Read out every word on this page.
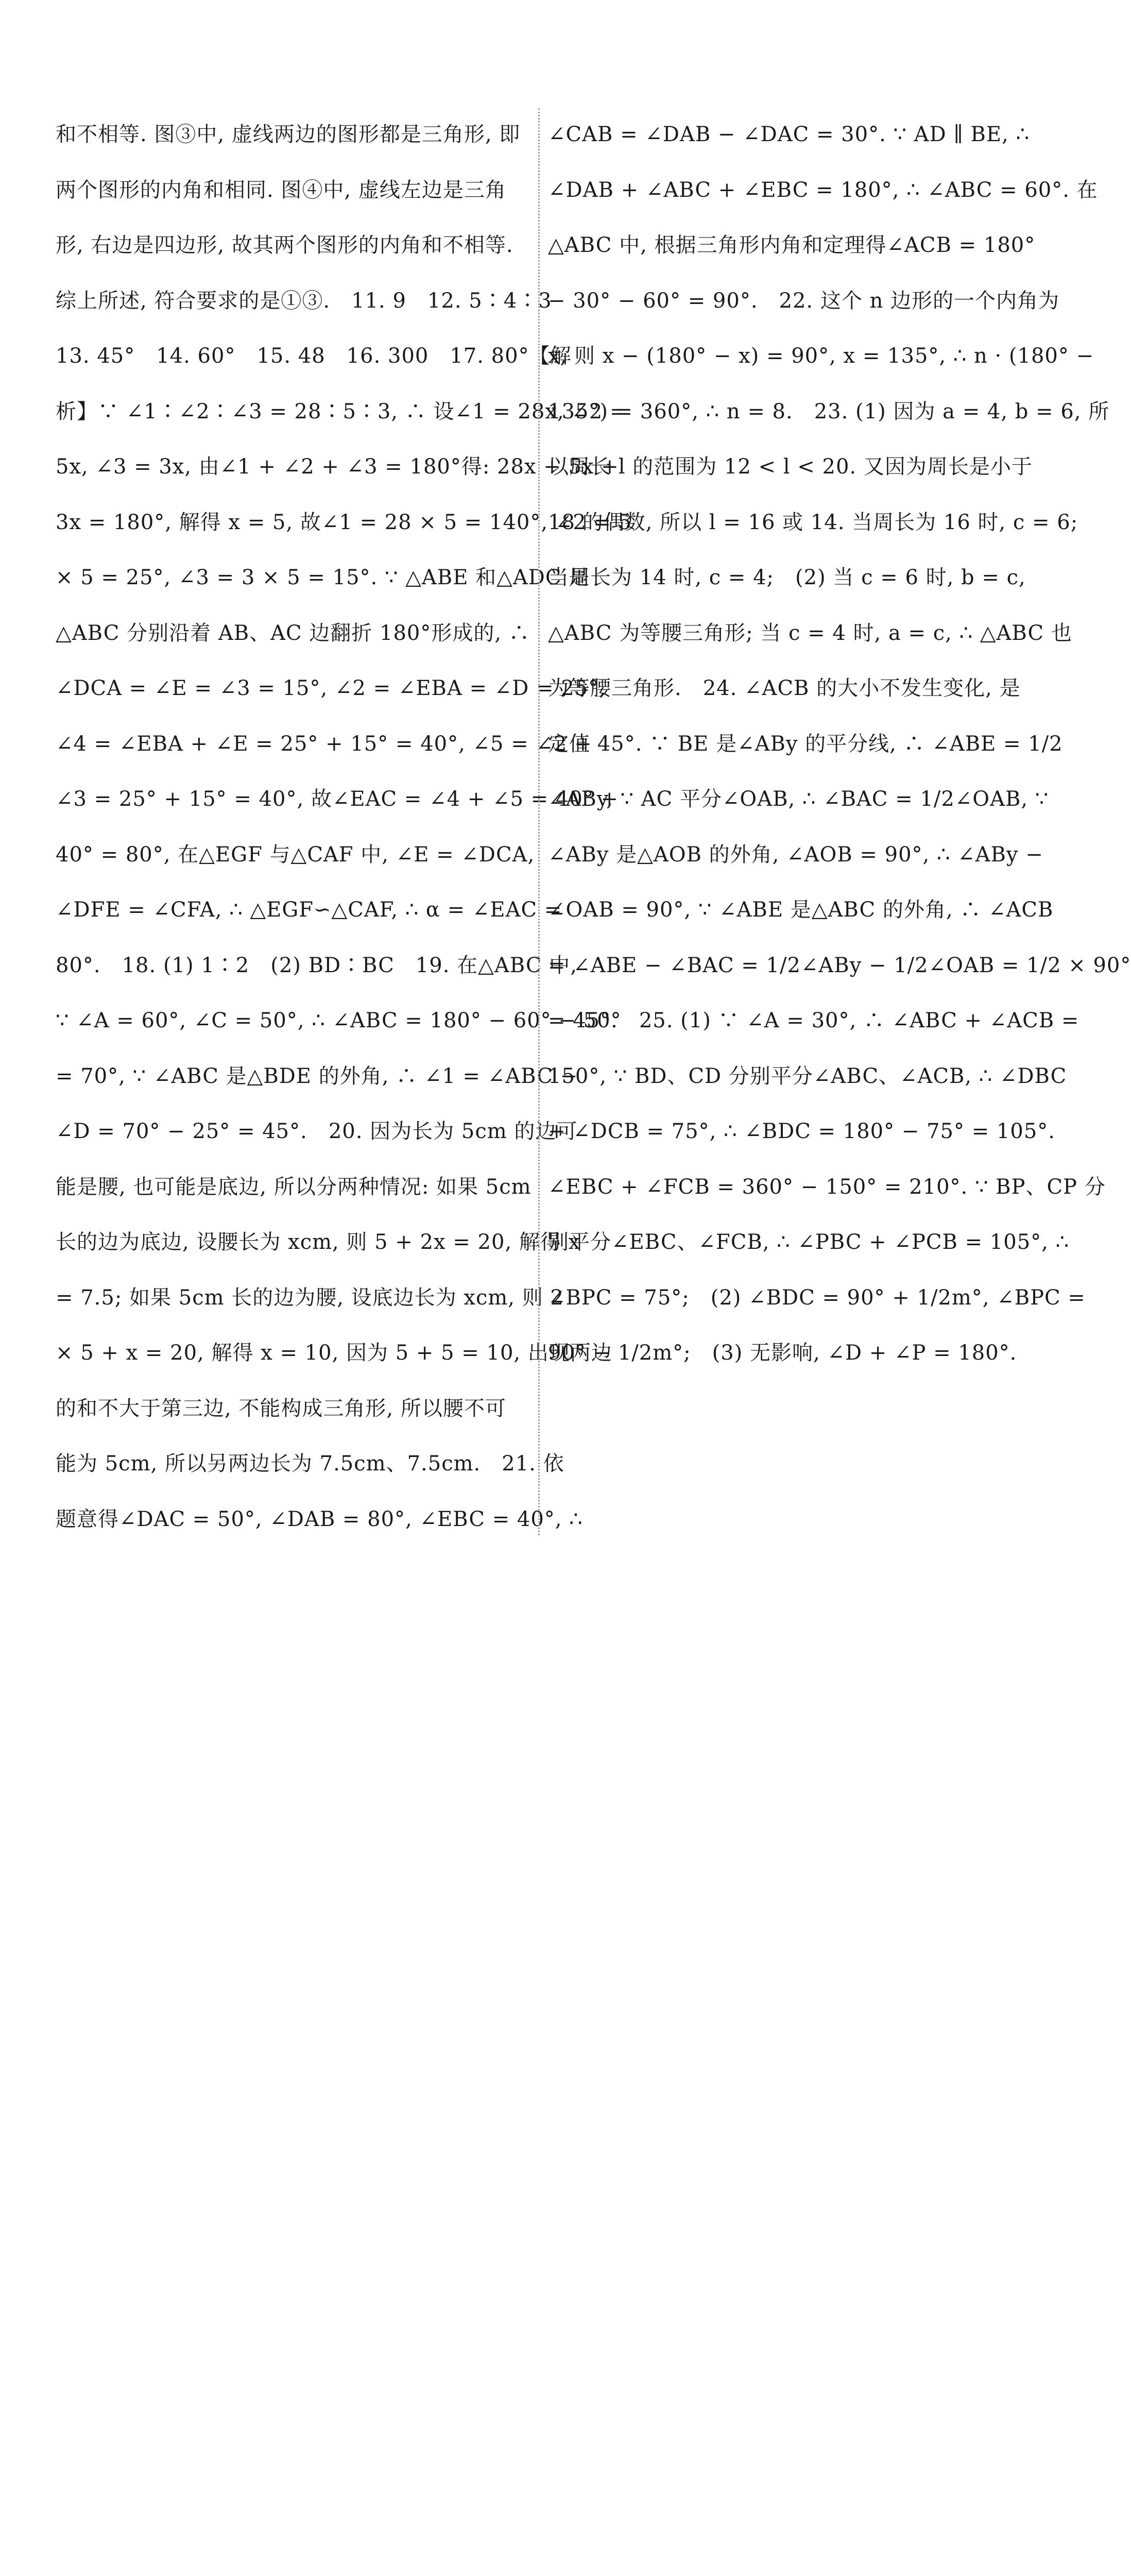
和不相等. 图③中, 虚线两边的图形都是三角形, 即
两个图形的内角和相同. 图④中, 虚线左边是三角
形, 右边是四边形, 故其两个图形的内角和不相等.
综上所述, 符合要求的是①③.　11. 9　12. 5∶4∶3
13. 45°　14. 60°　15. 48　16. 300　17. 80°【解
析】∵ ∠1∶∠2∶∠3 = 28∶5∶3, ∴ 设∠1 = 28x, ∠2 =
5x, ∠3 = 3x, 由∠1 + ∠2 + ∠3 = 180°得: 28x + 5x +
3x = 180°, 解得 x = 5, 故∠1 = 28 × 5 = 140°, ∠2 = 5
× 5 = 25°, ∠3 = 3 × 5 = 15°. ∵ △ABE 和△ADC 是
△ABC 分别沿着 AB、AC 边翻折 180°形成的, ∴
∠DCA = ∠E = ∠3 = 15°, ∠2 = ∠EBA = ∠D = 25°,
∠4 = ∠EBA + ∠E = 25° + 15° = 40°, ∠5 = ∠2 +
∠3 = 25° + 15° = 40°, 故∠EAC = ∠4 + ∠5 = 40° +
40° = 80°, 在△EGF 与△CAF 中, ∠E = ∠DCA,
∠DFE = ∠CFA, ∴ △EGF∽△CAF, ∴ α = ∠EAC =
80°.　18. (1) 1∶2　(2) BD∶BC　19. 在△ABC 中,
∵ ∠A = 60°, ∠C = 50°, ∴ ∠ABC = 180° − 60° − 50°
= 70°, ∵ ∠ABC 是△BDE 的外角, ∴ ∠1 = ∠ABC −
∠D = 70° − 25° = 45°.　20. 因为长为 5cm 的边可
能是腰, 也可能是底边, 所以分两种情况: 如果 5cm
长的边为底边, 设腰长为 xcm, 则 5 + 2x = 20, 解得 x
= 7.5; 如果 5cm 长的边为腰, 设底边长为 xcm, 则 2
× 5 + x = 20, 解得 x = 10, 因为 5 + 5 = 10, 出现两边
的和不大于第三边, 不能构成三角形, 所以腰不可
能为 5cm, 所以另两边长为 7.5cm、7.5cm.　21. 依
题意得∠DAC = 50°, ∠DAB = 80°, ∠EBC = 40°, ∴
∠CAB = ∠DAB − ∠DAC = 30°. ∵ AD ∥ BE, ∴
∠DAB + ∠ABC + ∠EBC = 180°, ∴ ∠ABC = 60°. 在
△ABC 中, 根据三角形内角和定理得∠ACB = 180°
− 30° − 60° = 90°.　22. 这个 n 边形的一个内角为
x, 则 x − (180° − x) = 90°, x = 135°, ∴ n · (180° −
135°) = 360°, ∴ n = 8.　23. (1) 因为 a = 4, b = 6, 所
以周长 l 的范围为 12 < l < 20. 又因为周长是小于
18 的偶数, 所以 l = 16 或 14. 当周长为 16 时, c = 6;
当周长为 14 时, c = 4;　(2) 当 c = 6 时, b = c,
△ABC 为等腰三角形; 当 c = 4 时, a = c, ∴ △ABC 也
为等腰三角形.　24. ∠ACB 的大小不发生变化, 是
定值 45°. ∵ BE 是∠ABy 的平分线, ∴ ∠ABE = 1/2
∠ABy, ∵ AC 平分∠OAB, ∴ ∠BAC = 1/2∠OAB, ∵
∠ABy 是△AOB 的外角, ∠AOB = 90°, ∴ ∠ABy −
∠OAB = 90°, ∵ ∠ABE 是△ABC 的外角, ∴ ∠ACB
= ∠ABE − ∠BAC = 1/2∠ABy − 1/2∠OAB = 1/2 × 90°
= 45°.　25. (1) ∵ ∠A = 30°, ∴ ∠ABC + ∠ACB =
150°, ∵ BD、CD 分别平分∠ABC、∠ACB, ∴ ∠DBC
+ ∠DCB = 75°, ∴ ∠BDC = 180° − 75° = 105°.
∠EBC + ∠FCB = 360° − 150° = 210°. ∵ BP、CP 分
别平分∠EBC、∠FCB, ∴ ∠PBC + ∠PCB = 105°, ∴
∠BPC = 75°;　(2) ∠BDC = 90° + 1/2m°, ∠BPC =
90° − 1/2m°;　(3) 无影响, ∠D + ∠P = 180°.
